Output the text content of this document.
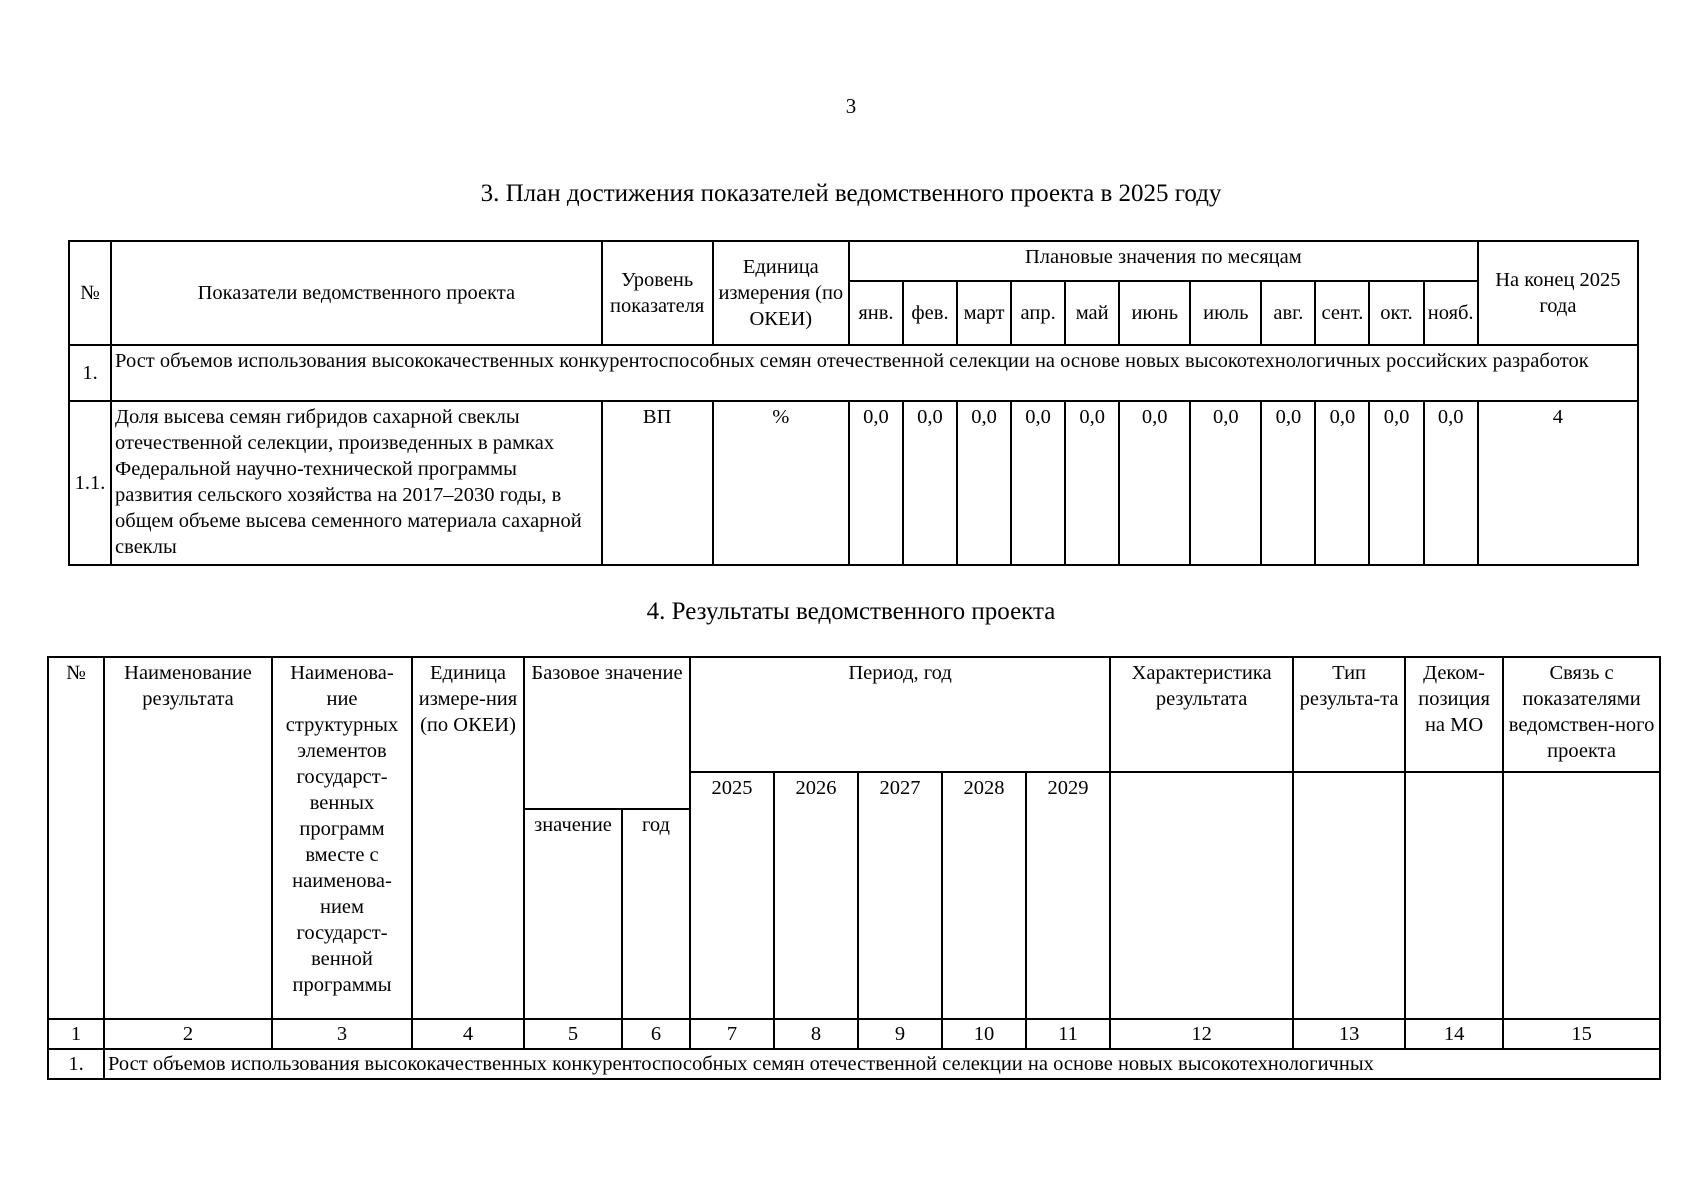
3
3. План достижения показателей ведомственного проекта в 2025 году
№	Показатели ведомственного проекта	Уровень показателя	Единица измерения (по ОКЕИ)	Плановые значения по месяцам											На конец 2025 года
				янв.	фев.	март	апр.	май	июнь	июль	авг.	сент.	окт.	нояб.	
1.	Рост объемов использования высококачественных конкурентоспособных семян отечественной селекции на основе новых высокотехнологичных российских разработок														
1.1.	Доля высева семян гибридов сахарной свеклы отечественной селекции, произведенных в рамках Федеральной научно-технической программы развития сельского хозяйства на 2017–2030 годы, в общем объеме высева семенного материала сахарной свеклы	ВП	%	0,0	0,0	0,0	0,0	0,0	0,0	0,0	0,0	0,0	0,0	0,0	4
4. Результаты ведомственного проекта
№	Наименование результата	Наименова-ние структурных элементов государст-венных программ вместе с наименова-нием государст-венной программы	Единица измере-ния (по ОКЕИ)	Базовое значение		Период, год					Характеристика результата	Тип результа-та	Деком-позиция на МО	Связь с показателями ведомствен-ного проекта
						2025	2026	2027	2028	2029				
				значение	год									
1	2	3	4	5	6	7	8	9	10	11	12	13	14	15
1.	Рост объемов использования высококачественных конкурентоспособных семян отечественной селекции на основе новых высокотехнологичных													
